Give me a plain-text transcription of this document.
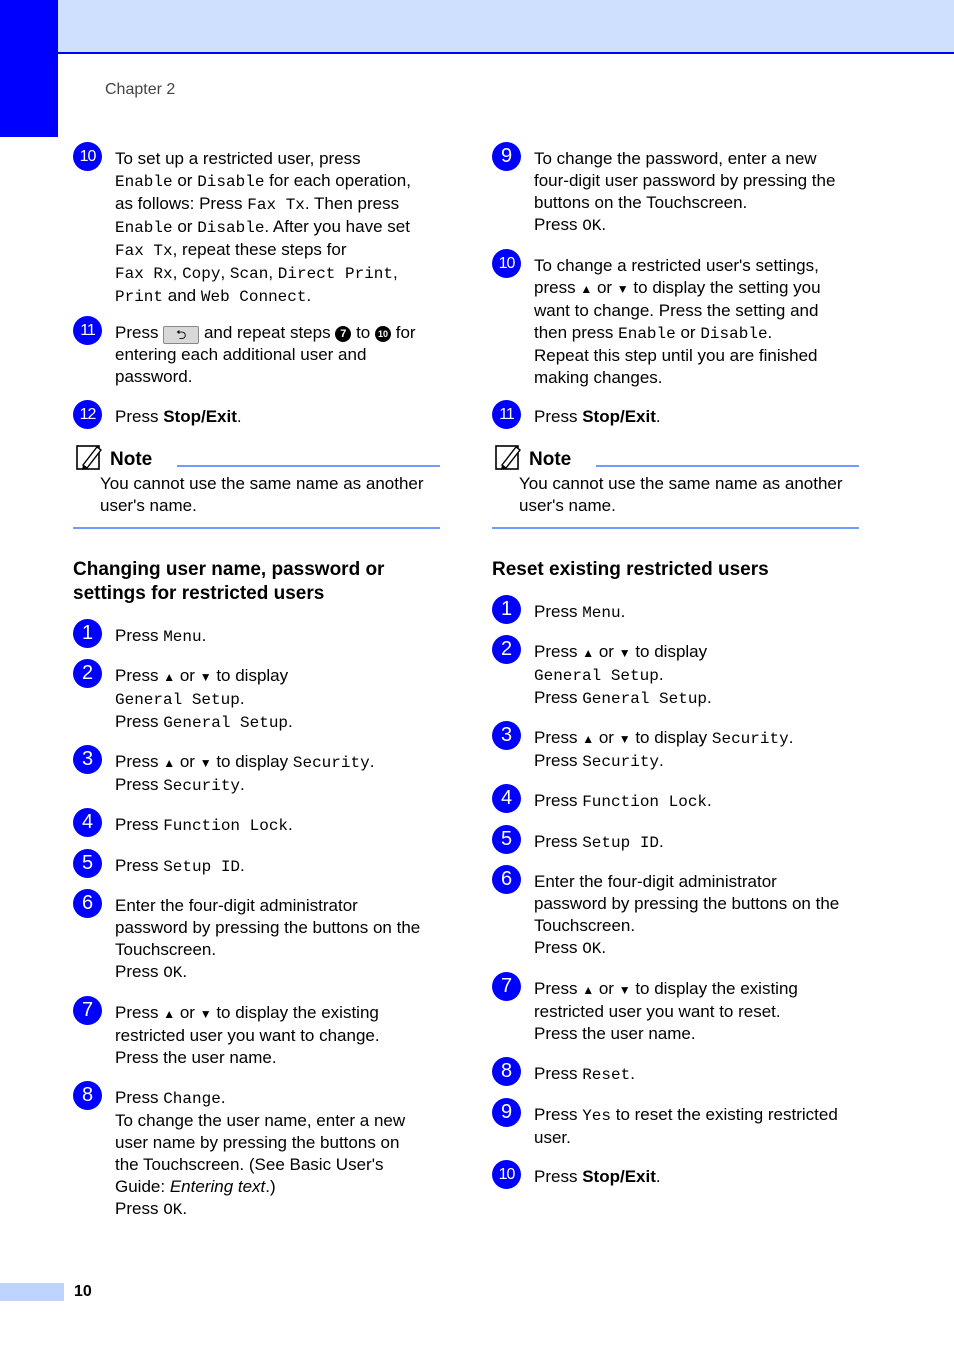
Chapter 2
10	To set up a restricted user, press
Enable or Disable for each operation,
as follows: Press Fax Tx. Then press
Enable or Disable. After you have set
Fax Tx, repeat these steps for
Fax Rx, Copy, Scan, Direct Print,
Print and Web Connect.
11	Press ⮌ and repeat steps 7 to 10 for
entering each additional user and
password.
12	Press Stop/Exit.
Note
You cannot use the same name as another user's name.
Changing user name, password or settings for restricted users
1	Press Menu.
2	Press ▲ or ▼ to display
General Setup.
Press General Setup.
3	Press ▲ or ▼ to display Security.
Press Security.
4	Press Function Lock.
5	Press Setup ID.
6	Enter the four-digit administrator
password by pressing the buttons on the
Touchscreen.
Press OK.
7	Press ▲ or ▼ to display the existing
restricted user you want to change.
Press the user name.
8	Press Change.
To change the user name, enter a new
user name by pressing the buttons on
the Touchscreen. (See Basic User's
Guide: Entering text.)
Press OK.
9	To change the password, enter a new
four-digit user password by pressing the
buttons on the Touchscreen.
Press OK.
10	To change a restricted user's settings,
press ▲ or ▼ to display the setting you
want to change. Press the setting and
then press Enable or Disable.
Repeat this step until you are finished
making changes.
11	Press Stop/Exit.
Note
You cannot use the same name as another user's name.
Reset existing restricted users
1	Press Menu.
2	Press ▲ or ▼ to display
General Setup.
Press General Setup.
3	Press ▲ or ▼ to display Security.
Press Security.
4	Press Function Lock.
5	Press Setup ID.
6	Enter the four-digit administrator
password by pressing the buttons on the
Touchscreen.
Press OK.
7	Press ▲ or ▼ to display the existing
restricted user you want to reset.
Press the user name.
8	Press Reset.
9	Press Yes to reset the existing restricted
user.
10	Press Stop/Exit.
10
